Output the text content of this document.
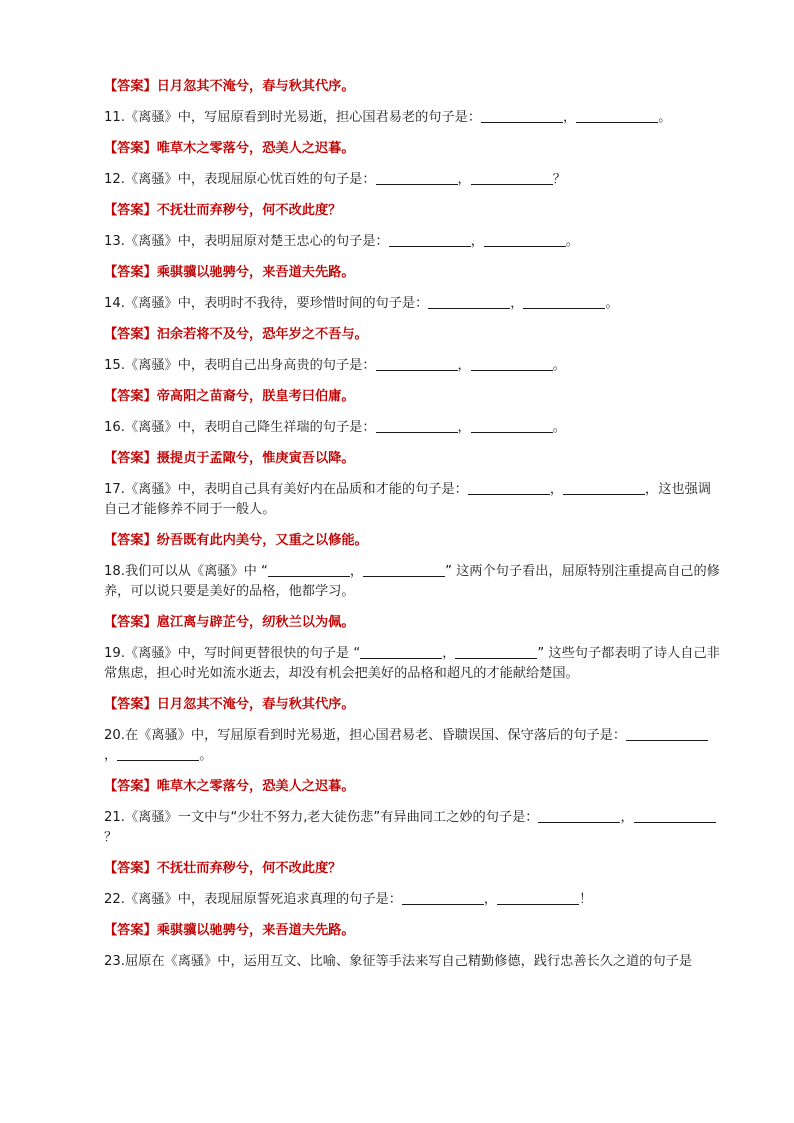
【答案】日月忽其不淹兮，春与秋其代序。

11.《离骚》中，写屈原看到时光易逝，担心国君易老的句子是：	，	。

【答案】唯草木之零落兮，恐美人之迟暮。

12.《离骚》中，表现屈原心忧百姓的句子是：	，	？

【答案】不抚壮而弃秽兮，何不改此度？

13.《离骚》中，表明屈原对楚王忠心的句子是：	，	。

【答案】乘骐骥以驰骋兮，来吾道夫先路。

14.《离骚》中，表明时不我待，要珍惜时间的句子是：	，	。

【答案】汩余若将不及兮，恐年岁之不吾与。

15.《离骚》中，表明自己出身高贵的句子是：	，	。

【答案】帝高阳之苗裔兮，朕皇考曰伯庸。

16.《离骚》中，表明自己降生祥瑞的句子是：	，	。

【答案】摄提贞于孟陬兮，惟庚寅吾以降。

17.《离骚》中，表明自己具有美好内在品质和才能的句子是：	，	，这也强调自己才能修养不同于一般人。

【答案】纷吾既有此内美兮，又重之以修能。

18.我们可以从《离骚》中 “	，	” 这两个句子看出，屈原特别注重提高自己的修养，可以说只要是美好的品格，他都学习。

【答案】扈江离与辟芷兮，纫秋兰以为佩。

19.《离骚》中，写时间更替很快的句子是 “	，	” 这些句子都表明了诗人自己非常焦虑，担心时光如流水逝去，却没有机会把美好的品格和超凡的才能献给楚国。

【答案】日月忽其不淹兮，春与秋其代序。

20.在《离骚》中，写屈原看到时光易逝，担心国君易老、昏聩误国、保守落后的句子是：，	。

【答案】唯草木之零落兮，恐美人之迟暮。

21.《离骚》一文中与“少壮不努力,老大徒伤悲”有异曲同工之妙的句子是：	，？

【答案】不抚壮而弃秽兮，何不改此度？

22.《离骚》中，表现屈原誓死追求真理的句子是：	，	！

【答案】乘骐骥以驰骋兮，来吾道夫先路。

23.屈原在《离骚》中，运用互文、比喻、象征等手法来写自己精勤修德，践行忠善长久之道的句子是
